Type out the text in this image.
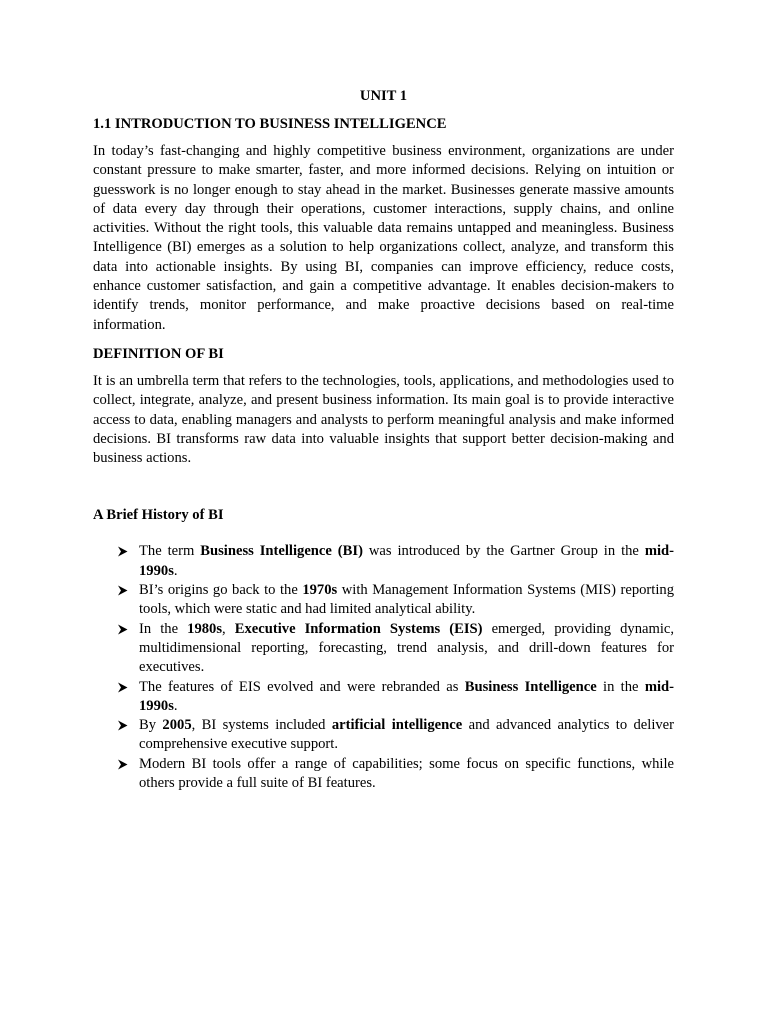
UNIT 1
1.1 INTRODUCTION TO BUSINESS INTELLIGENCE

In today’s fast-changing and highly competitive business environment, organizations are under constant pressure to make smarter, faster, and more informed decisions. Relying on intuition or guesswork is no longer enough to stay ahead in the market. Businesses generate massive amounts of data every day through their operations, customer interactions, supply chains, and online activities. Without the right tools, this valuable data remains untapped and meaningless. Business Intelligence (BI) emerges as a solution to help organizations collect, analyze, and transform this data into actionable insights. By using BI, companies can improve efficiency, reduce costs, enhance customer satisfaction, and gain a competitive advantage. It enables decision-makers to identify trends, monitor performance, and make proactive decisions based on real-time information.

DEFINITION OF BI

It is an umbrella term that refers to the technologies, tools, applications, and methodologies used to collect, integrate, analyze, and present business information. Its main goal is to provide interactive access to data, enabling managers and analysts to perform meaningful analysis and make informed decisions. BI transforms raw data into valuable insights that support better decision-making and business actions.

A Brief History of BI
The term Business Intelligence (BI) was introduced by the Gartner Group in the mid-1990s.
BI’s origins go back to the 1970s with Management Information Systems (MIS) reporting tools, which were static and had limited analytical ability.
In the 1980s, Executive Information Systems (EIS) emerged, providing dynamic, multidimensional reporting, forecasting, trend analysis, and drill-down features for executives.
The features of EIS evolved and were rebranded as Business Intelligence in the mid-1990s.
By 2005, BI systems included artificial intelligence and advanced analytics to deliver comprehensive executive support.
Modern BI tools offer a range of capabilities; some focus on specific functions, while others provide a full suite of BI features.
